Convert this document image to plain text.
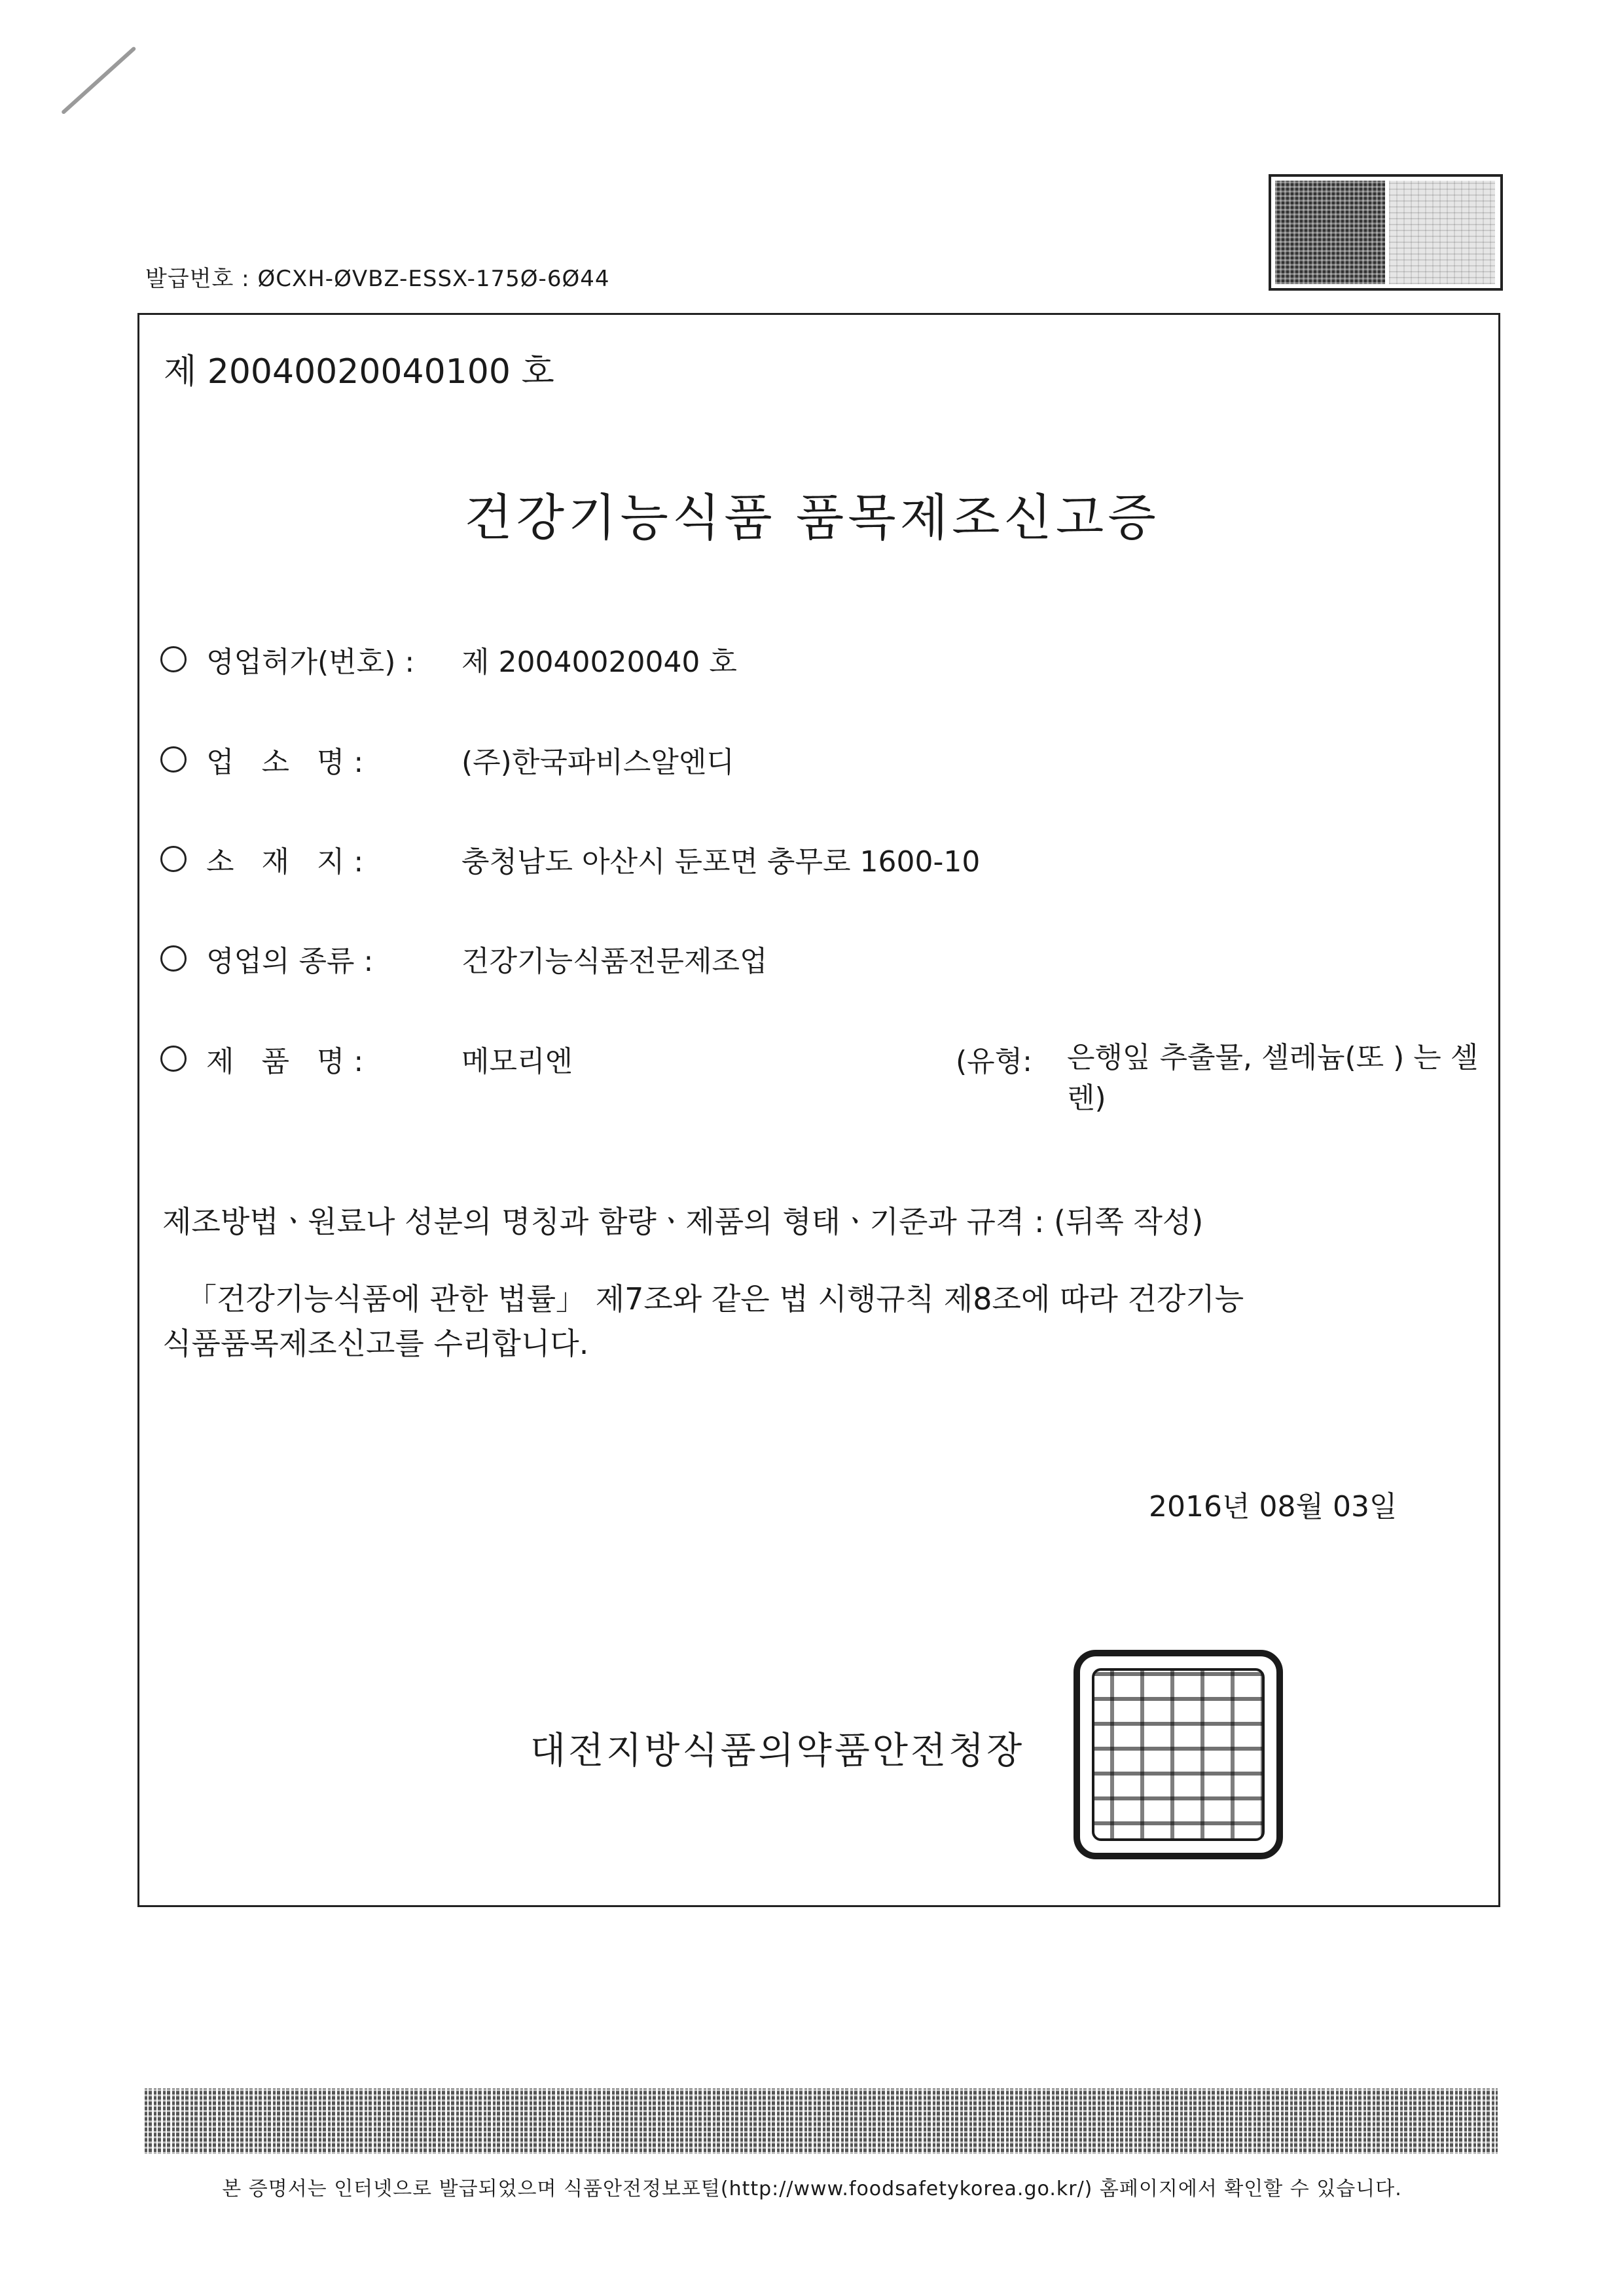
발급번호 : ØCXH-ØVBZ-ESSX-175Ø-6Ø44
제 20040020040100 호
건강기능식품 품목제조신고증
영업허가(번호) : 제 20040020040 호
업   소   명 :	(주)한국파비스알엔디
소   재   지 :	충청남도 아산시 둔포면 충무로 1600-10
영업의 종류 :	건강기능식품전문제조업
제   품   명 :	메모리엔	(유형: 은행잎 추출물, 셀레늄(또 ) 는 셀렌)
제조방법ㆍ원료나 성분의 명칭과 함량ㆍ제품의 형태ㆍ기준과 규격 : (뒤쪽 작성)
「건강기능식품에 관한 법률」 제7조와 같은 법 시행규칙 제8조에 따라 건강기능
식품품목제조신고를 수리합니다.
2016년 08월 03일
대전지방식품의약품안전청장
본 증명서는 인터넷으로 발급되었으며 식품안전정보포털(http://www.foodsafetykorea.go.kr/) 홈페이지에서 확인할 수 있습니다.
